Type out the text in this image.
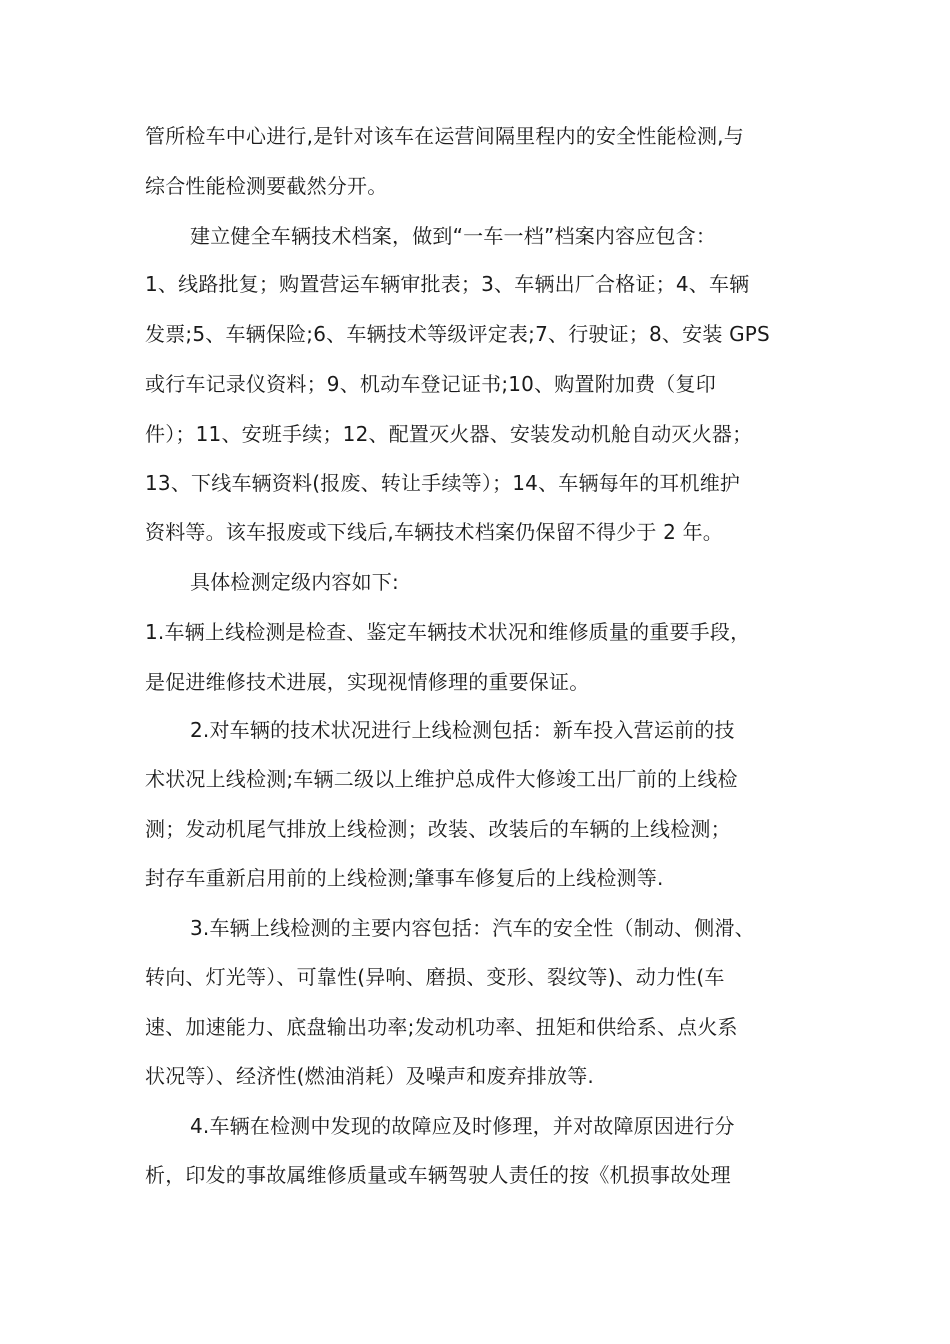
管所检车中心进行,是针对该车在运营间隔里程内的安全性能检测,与
综合性能检测要截然分开。
建立健全车辆技术档案，做到“一车一档”档案内容应包含：
1、线路批复；购置营运车辆审批表；3、车辆出厂合格证；4、车辆
发票;5、车辆保险;6、车辆技术等级评定表;7、行驶证；8、安装 GPS
或行车记录仪资料；9、机动车登记证书;10、购置附加费（复印
件）；11、安班手续；12、配置灭火器、安装发动机舱自动灭火器；
13、下线车辆资料(报废、转让手续等）；14、车辆每年的耳机维护
资料等。该车报废或下线后,车辆技术档案仍保留不得少于 2 年。
具体检测定级内容如下:
1.车辆上线检测是检查、鉴定车辆技术状况和维修质量的重要手段，
是促进维修技术进展，实现视情修理的重要保证。
2.对车辆的技术状况进行上线检测包括：新车投入营运前的技
术状况上线检测;车辆二级以上维护总成件大修竣工出厂前的上线检
测；发动机尾气排放上线检测；改装、改装后的车辆的上线检测；
封存车重新启用前的上线检测;肇事车修复后的上线检测等.
3.车辆上线检测的主要内容包括：汽车的安全性（制动、侧滑、
转向、灯光等）、可靠性(异响、磨损、变形、裂纹等)、动力性(车
速、加速能力、底盘输出功率;发动机功率、扭矩和供给系、点火系
状况等）、经济性(燃油消耗）及噪声和废弃排放等.
4.车辆在检测中发现的故障应及时修理，并对故障原因进行分
析，印发的事故属维修质量或车辆驾驶人责任的按《机损事故处理
